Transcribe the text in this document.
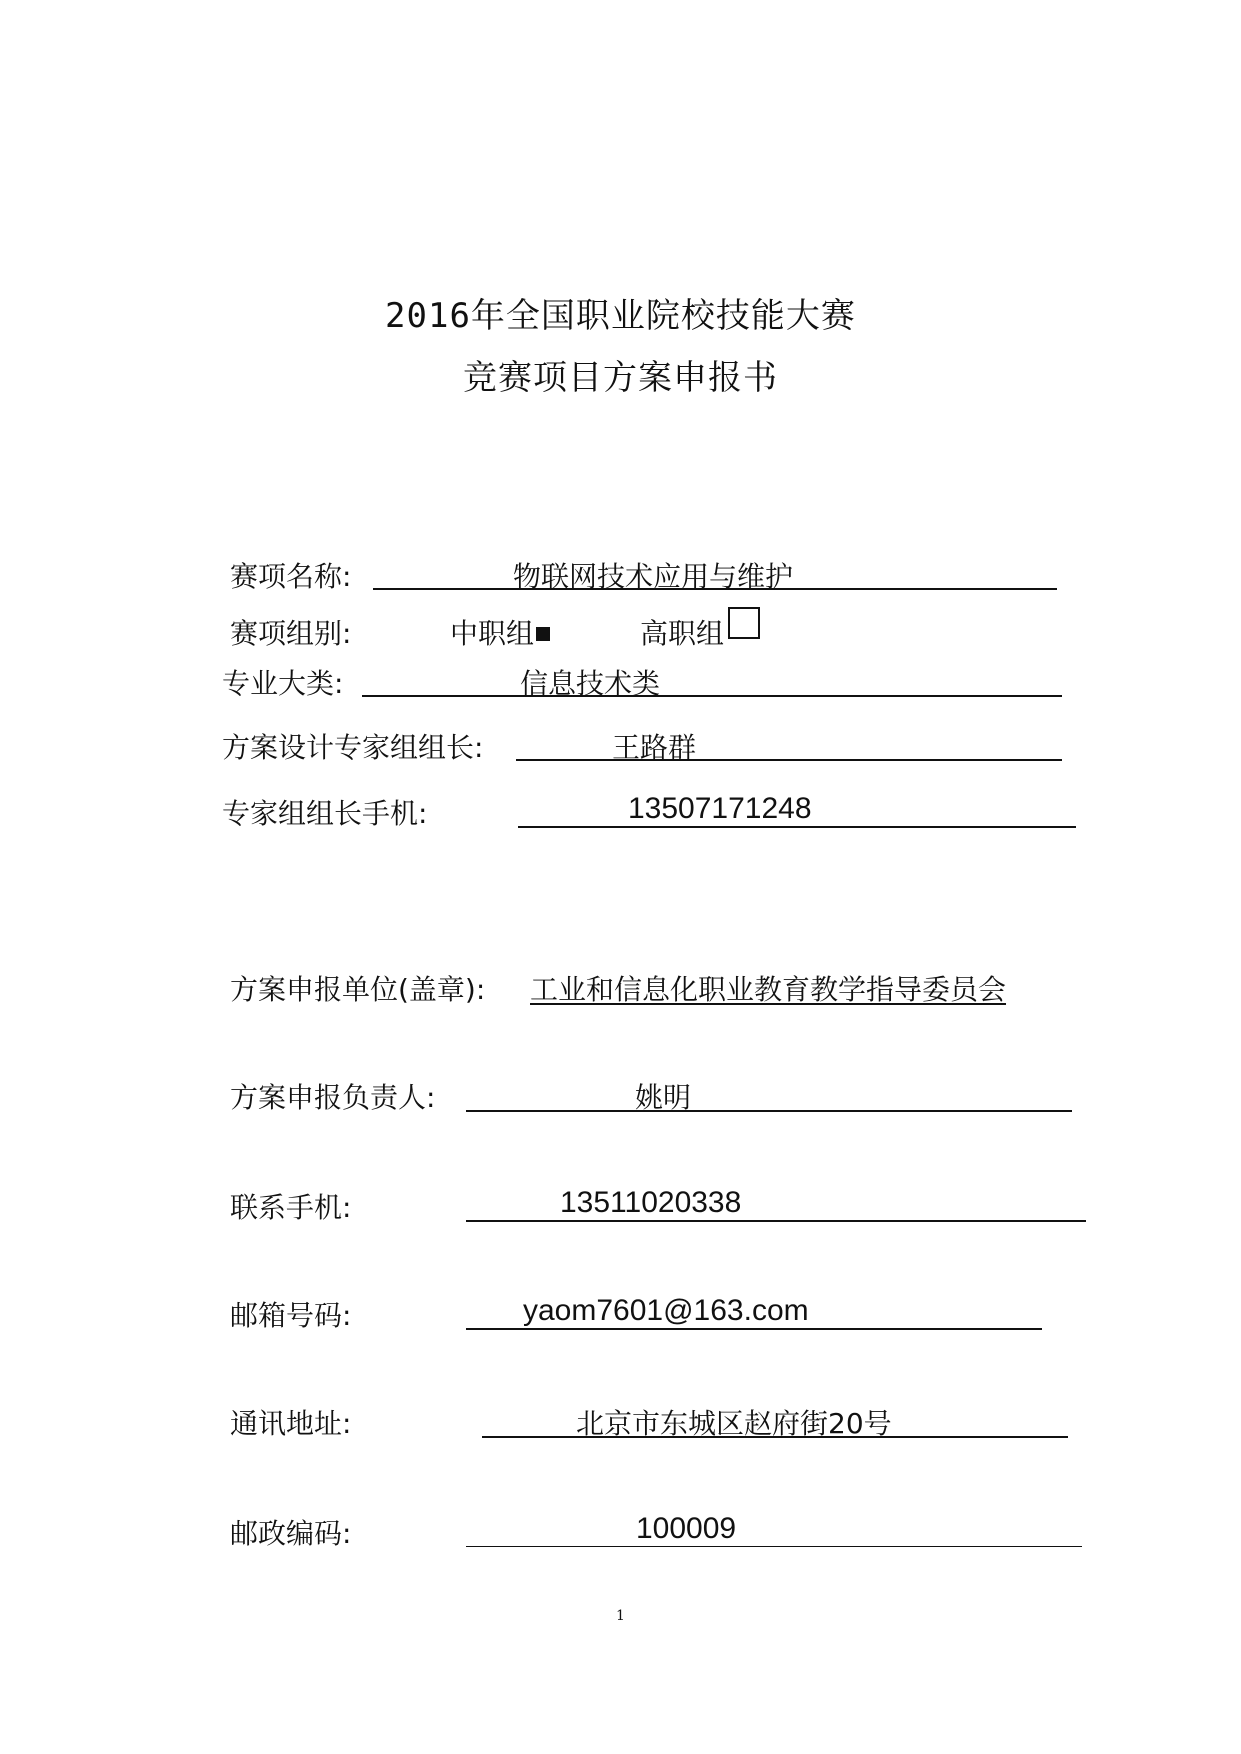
2016年全国职业院校技能大赛
竞赛项目方案申报书
赛项名称:	物联网技术应用与维护
赛项组别:	中职组	高职组
专业大类:	信息技术类
方案设计专家组组长:	王路群
专家组组长手机:	13507171248
方案申报单位(盖章): 工业和信息化职业教育教学指导委员会
方案申报负责人:	姚明
联系手机:	13511020338
邮箱号码:	yaom7601@163.com
通讯地址:	北京市东城区赵府街20号
邮政编码:	100009
1
